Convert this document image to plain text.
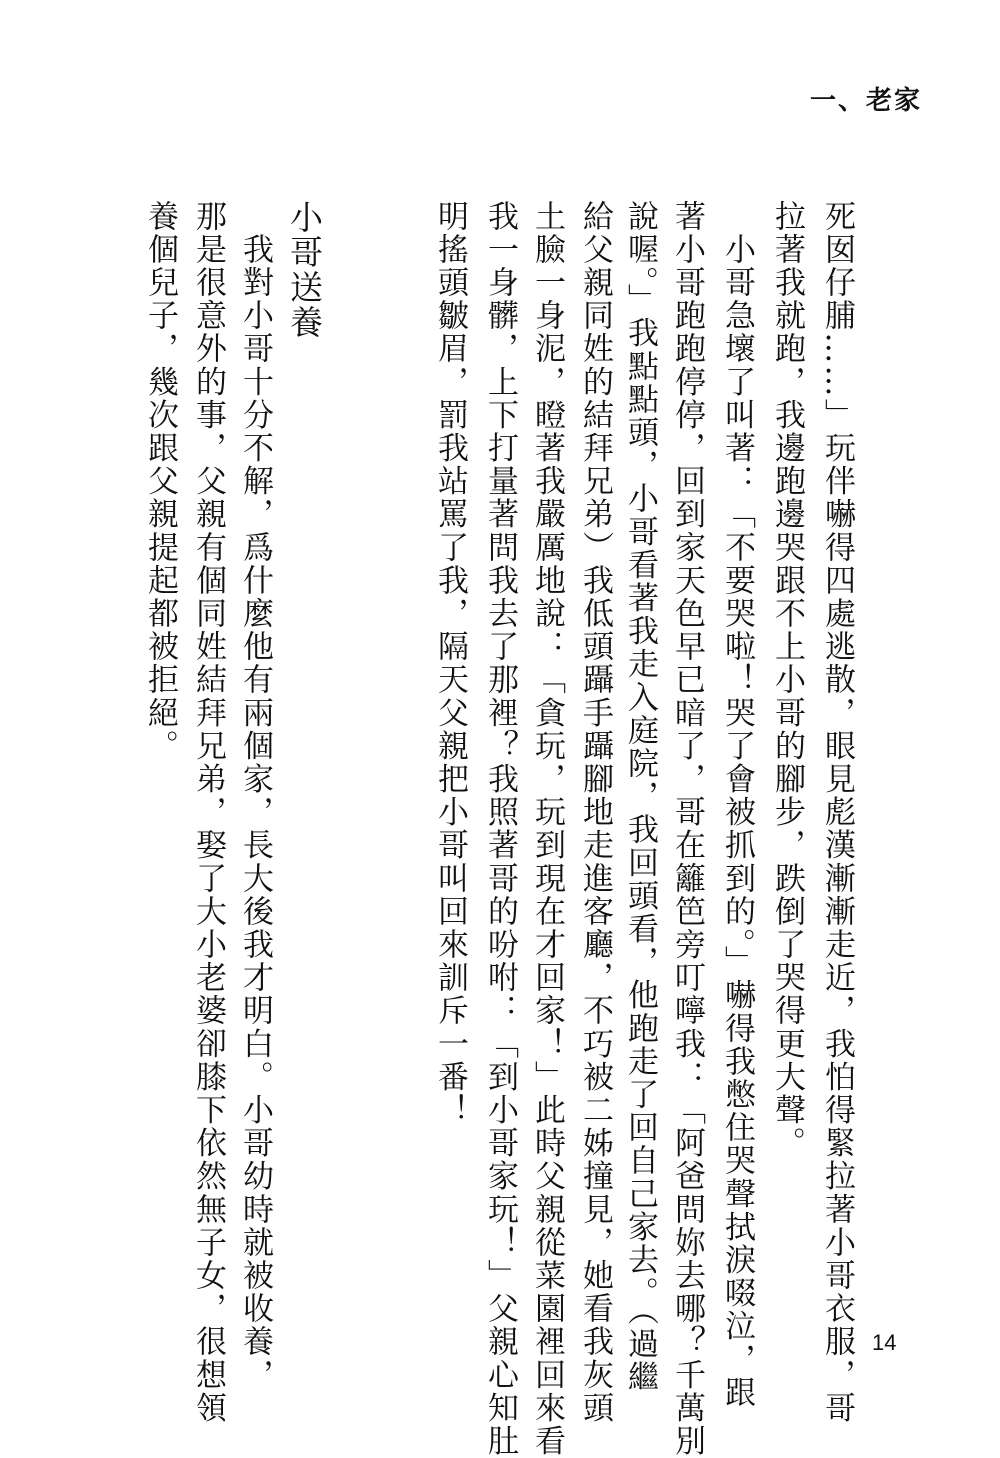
一、老家
死囡仔脯……」玩伴嚇得四處逃散，眼見彪漢漸漸走近，我怕得緊拉著小哥衣服，哥
拉著我就跑，我邊跑邊哭跟不上小哥的腳步，跌倒了哭得更大聲。
　小哥急壞了叫著：「不要哭啦！哭了會被抓到的。」嚇得我憋住哭聲拭淚啜泣，跟
著小哥跑跑停停，回到家天色早已暗了，哥在籬笆旁叮嚀我：「阿爸問妳去哪？千萬別
說喔。」我點點頭，小哥看著我走入庭院，我回頭看，他跑走了回自己家去。（過繼
給父親同姓的結拜兄弟）我低頭躡手躡腳地走進客廳，不巧被二姊撞見，她看我灰頭
土臉一身泥，瞪著我嚴厲地說：「貪玩，玩到現在才回家！」此時父親從菜園裡回來看
我一身髒，上下打量著問我去了那裡？我照著哥的吩咐：「到小哥家玩！」父親心知肚
明搖頭皺眉，罰我站罵了我，隔天父親把小哥叫回來訓斥一番！
小哥送養
　我對小哥十分不解，爲什麼他有兩個家，長大後我才明白。小哥幼時就被收養，
那是很意外的事，父親有個同姓結拜兄弟，娶了大小老婆卻膝下依然無子女，很想領
養個兒子，幾次跟父親提起都被拒絕。
14
